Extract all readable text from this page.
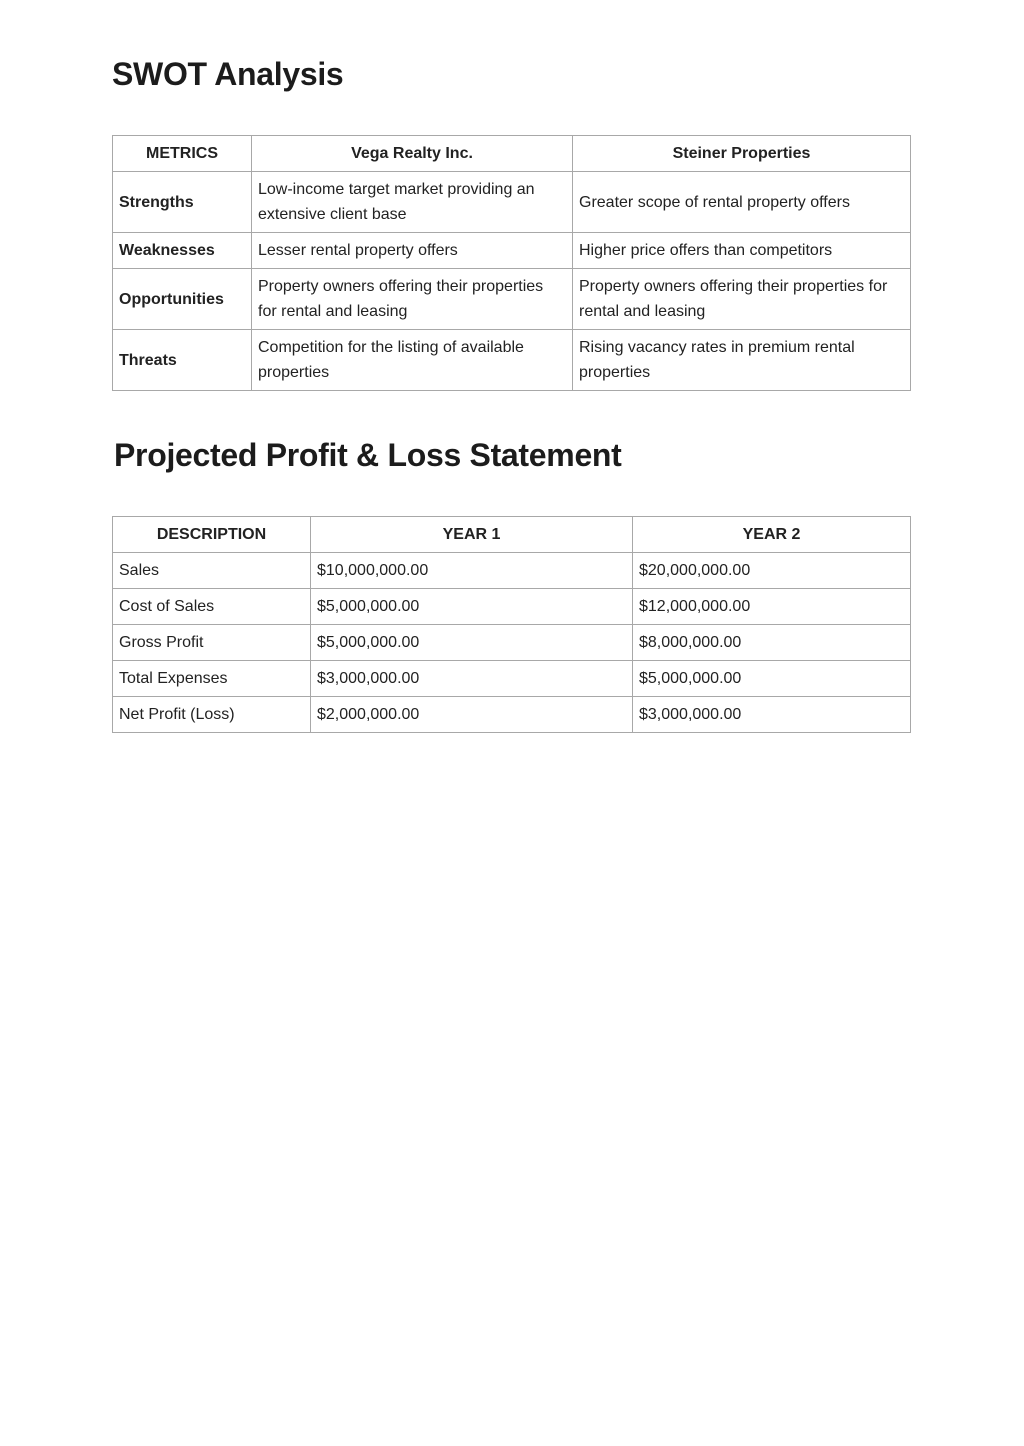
SWOT Analysis
METRICS	Vega Realty Inc.	Steiner Properties
Strengths	Low-income target market providing an extensive client base	Greater scope of rental property offers
Weaknesses	Lesser rental property offers	Higher price offers than competitors
Opportunities	Property owners offering their properties for rental and leasing	Property owners offering their properties for rental and leasing
Threats	Competition for the listing of available properties	Rising vacancy rates in premium rental properties
Projected Profit & Loss Statement
DESCRIPTION	YEAR 1	YEAR 2
Sales	$10,000,000.00	$20,000,000.00
Cost of Sales	$5,000,000.00	$12,000,000.00
Gross Profit	$5,000,000.00	$8,000,000.00
Total Expenses	$3,000,000.00	$5,000,000.00
Net Profit (Loss)	$2,000,000.00	$3,000,000.00
